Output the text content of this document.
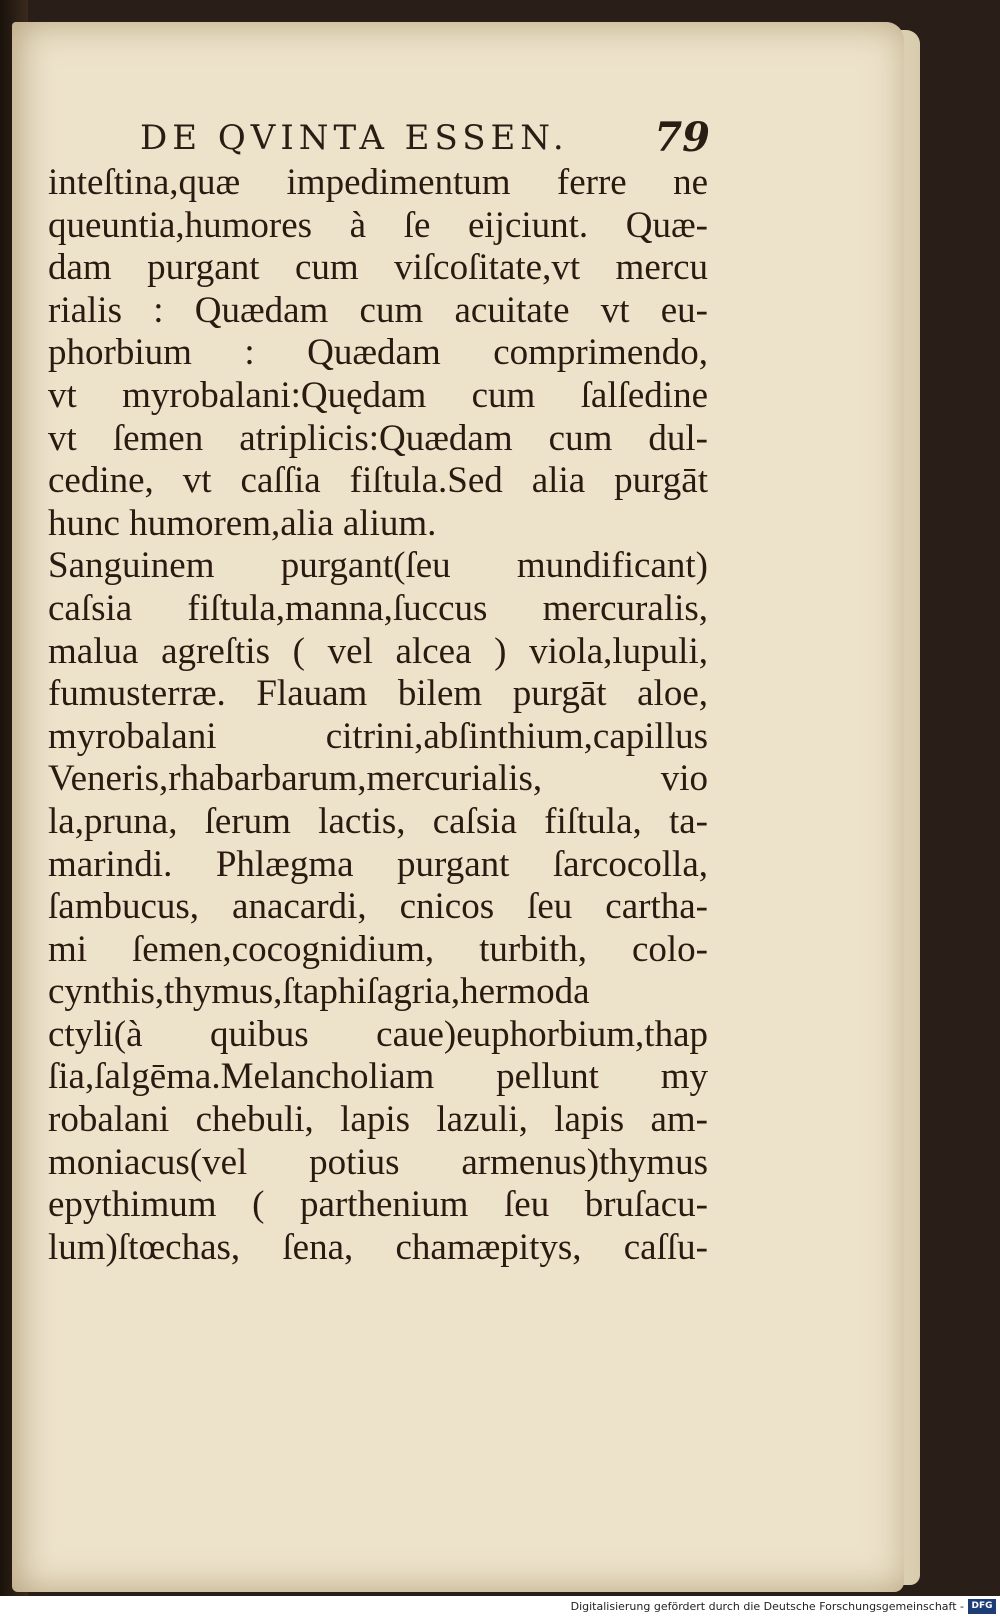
DE QVINTA ESSEN. 79
inteſtina,quæ impedimentum ferre ne
queuntia,humores à ſe eijciunt. Quæ-
dam purgant cum viſcoſitate,vt mercu
rialis : Quædam cum acuitate vt eu-
phorbium : Quædam comprimendo,
vt myrobalani:Quędam cum ſalſedine
vt ſemen atriplicis:Quædam cum dul-
cedine, vt caſſia fiſtula.Sed alia purgāt
hunc humorem,alia alium.
Sanguinem purgant(ſeu mundificant)
caſsia fiſtula,manna,ſuccus mercuralis,
malua agreſtis ( vel alcea ) viola,lupuli,
fumusterræ. Flauam bilem purgāt aloe,
myrobalani citrini,abſinthium,capillus
Veneris,rhabarbarum,mercurialis, vio
la,pruna, ſerum lactis, caſsia fiſtula, ta-
marindi. Phlægma purgant ſarcocolla,
ſambucus, anacardi, cnicos ſeu cartha-
mi ſemen,cocognidium, turbith, colo-
cynthis,thymus,ſtaphiſagria,hermoda
ctyli(à quibus caue)euphorbium,thap
ſia,ſalgēma.Melancholiam pellunt my
robalani chebuli, lapis lazuli, lapis am-
moniacus(vel potius armenus)thymus
epythimum ( parthenium ſeu bruſacu-
lum)ſtœchas, ſena, chamæpitys, caſſu-
Digitalisierung gefördert durch die Deutsche Forschungsgemeinschaft - DFG
